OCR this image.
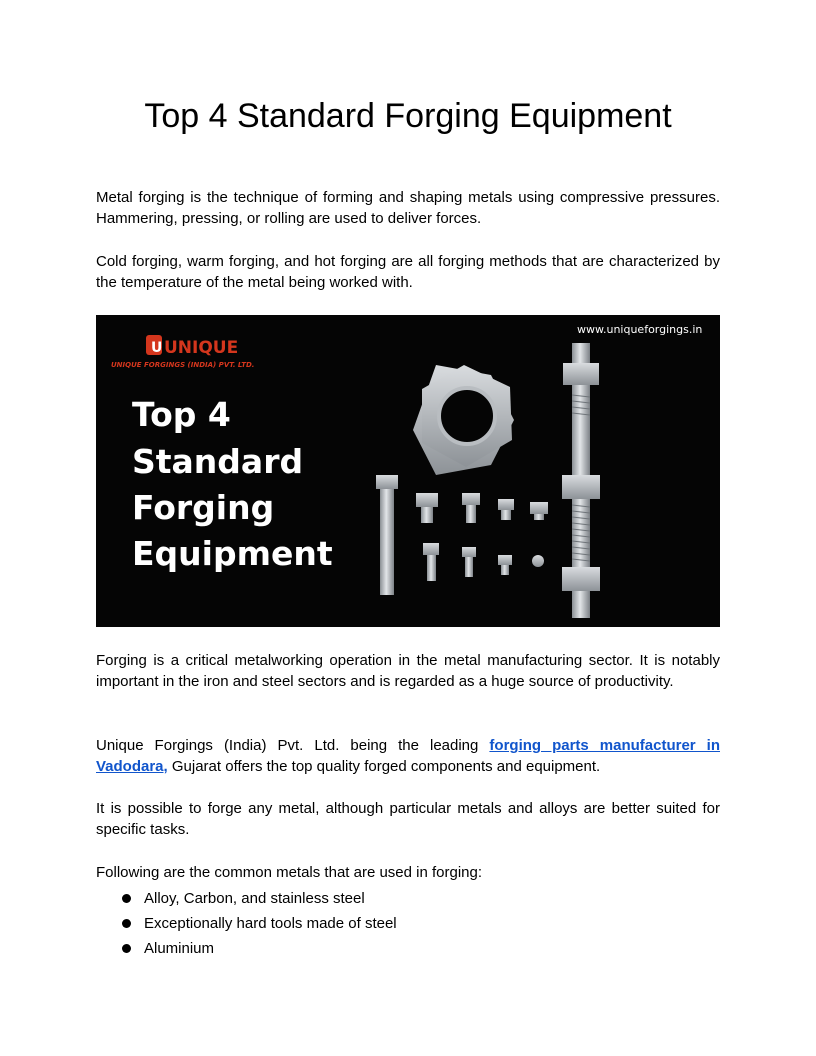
Top 4 Standard Forging Equipment

Metal forging is the technique of forming and shaping metals using compressive pressures. Hammering, pressing, or rolling are used to deliver forces.

Cold forging, warm forging, and hot forging are all forging methods that are characterized by the temperature of the metal being worked with.

U UNIQUE
UNIQUE FORGINGS (INDIA) PVT. LTD.
www.uniqueforgings.in
Top 4
Standard
Forging
Equipment

Forging is a critical metalworking operation in the metal manufacturing sector. It is notably important in the iron and steel sectors and is regarded as a huge source of productivity.

Unique Forgings (India) Pvt. Ltd. being the leading forging parts manufacturer in Vadodara, Gujarat offers the top quality forged components and equipment.

It is possible to forge any metal, although particular metals and alloys are better suited for specific tasks.

Following are the common metals that are used in forging:

Alloy, Carbon, and stainless steel
Exceptionally hard tools made of steel
Aluminium
